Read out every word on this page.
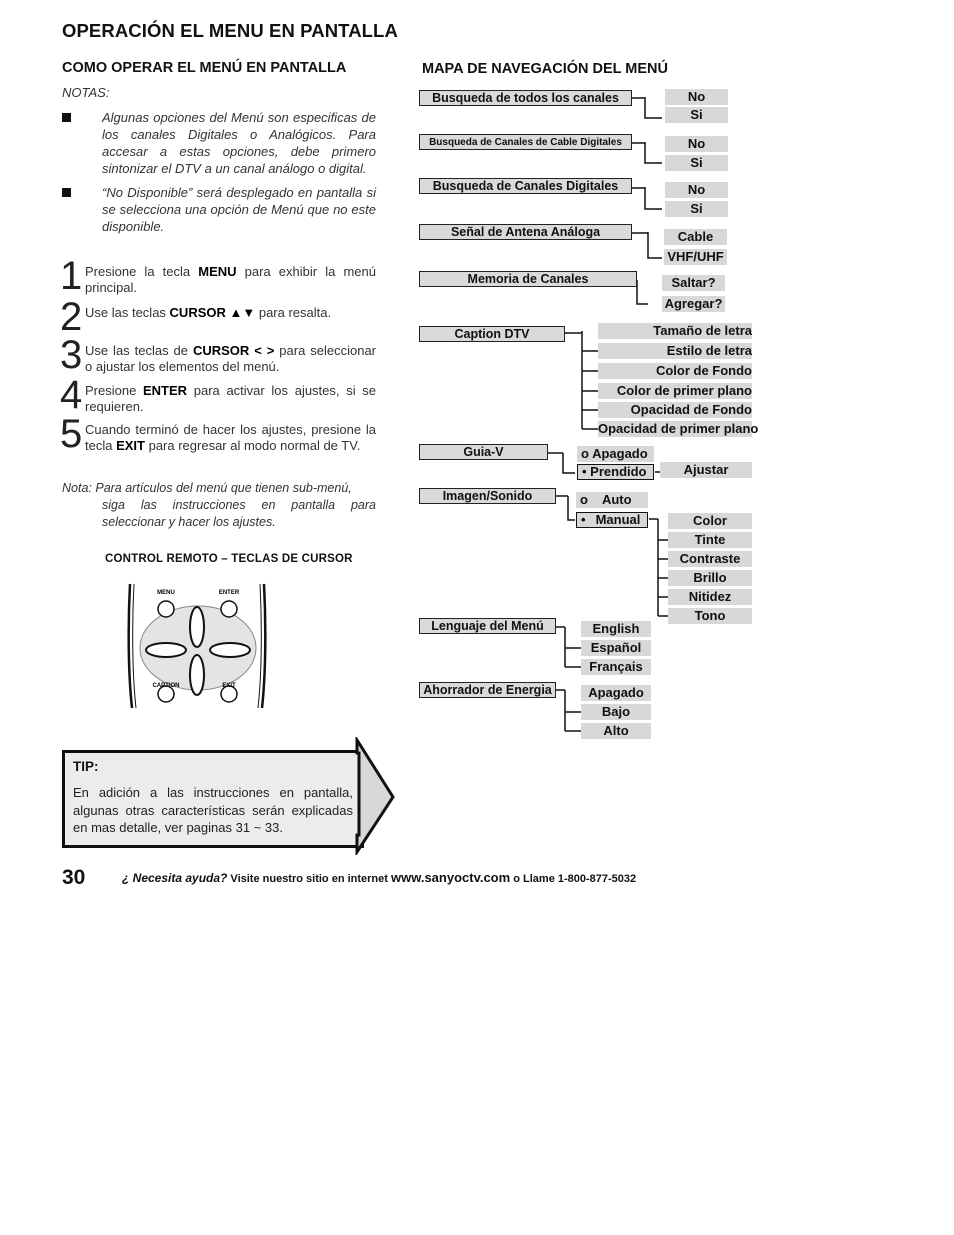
OPERACIÓN EL MENU EN PANTALLA
COMO OPERAR EL MENÚ EN PANTALLA
NOTAS:
Algunas opciones del Menú son especificas de los canales Digitales o Analógicos. Para accesar a estas opciones, debe primero sintonizar el DTV a un canal análogo o digital.
“No Disponible” será desplegado en pantalla si se selecciona una opción de Menú que no este disponible.
1 Presione la tecla MENU para exhibir la menú principal.
2 Use las teclas CURSOR ▲▼ para resalta.
3 Use las teclas de CURSOR < > para seleccionar o ajustar los elementos del menú.
4 Presione ENTER para activar los ajustes, si se requieren.
5 Cuando terminó de hacer los ajustes, presione la tecla EXIT para regresar al modo normal de TV.
Nota: Para artículos del menú que tienen sub-menú,
siga las instrucciones en pantalla para seleccionar y hacer los ajustes.
CONTROL REMOTO – TECLAS DE CURSOR
MENU	ENTER
CAPTION	EXIT
TIP:
En adición a las instrucciones en pantalla, algunas otras características serán explicadas en mas detalle, ver paginas 31 ~ 33.
30	¿ Necesita ayuda? Visite nuestro sitio en internet www.sanyoctv.com o Llame 1-800-877-5032
MAPA DE NAVEGACIÓN DEL MENÚ
Busqueda de todos los canales	No
Si
Busqueda de Canales de Cable Digitales	No
Si
Busqueda de Canales Digitales	No
Si
Señal de Antena Análoga	Cable
VHF/UHF
Memoria de Canales	Saltar?
Agregar?
Caption DTV	Tamaño de letra
Estilo de letra
Color de Fondo
Color de primer plano
Opacidad de Fondo
Opacidad de primer plano
Guia-V	o Apagado
• Prendido	Ajustar
Imagen/Sonido	o Auto
• Manual	Color
Tinte
Contraste
Brillo
Nitidez
Tono
Lenguaje del Menú	English
Español
Français
Ahorrador de Energia	Apagado
Bajo
Alto
